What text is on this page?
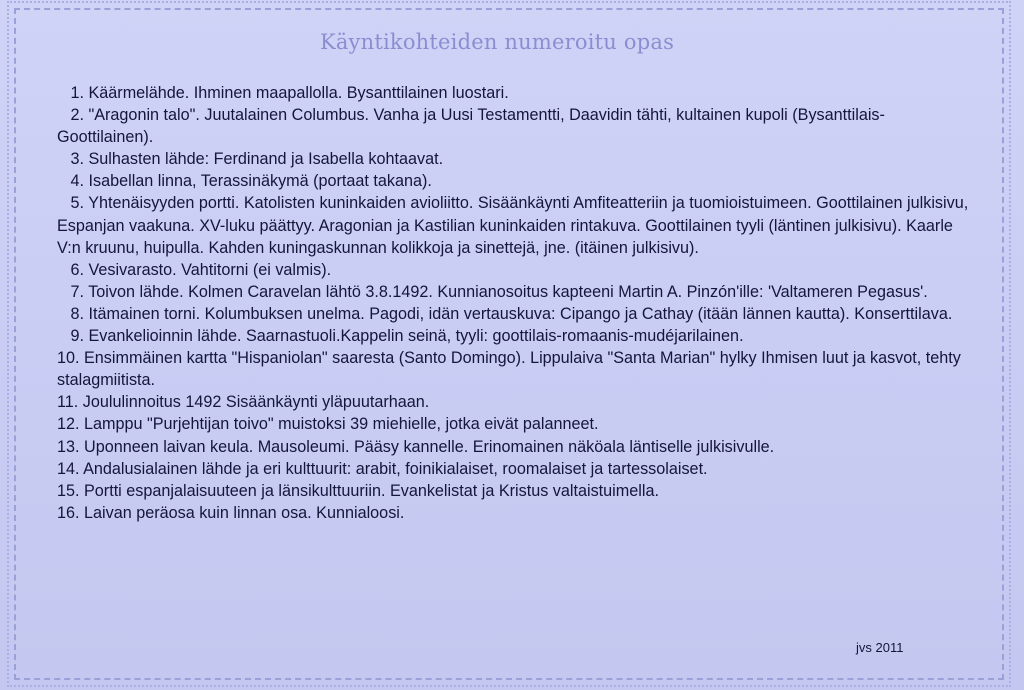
Käyntikohteiden numeroitu opas
1. Käärmelähde. Ihminen maapallolla. Bysanttilainen luostari.
2. "Aragonin talo". Juutalainen Columbus. Vanha ja Uusi Testamentti, Daavidin tähti, kultainen kupoli (Bysanttilais-Goottilainen).
3. Sulhasten lähde: Ferdinand ja Isabella kohtaavat.
4. Isabellan linna, Terassinäkymä (portaat takana).
5. Yhtenäisyyden portti. Katolisten kuninkaiden avioliitto. Sisäänkäynti Amfiteatteriin ja tuomioistuimeen. Goottilainen julkisivu,  Espanjan vaakuna. XV-luku päättyy. Aragonian ja Kastilian kuninkaiden rintakuva. Goottilainen tyyli (läntinen julkisivu). Kaarle V:n kruunu, huipulla. Kahden kuningaskunnan kolikkoja ja sinettejä, jne. (itäinen julkisivu).
6. Vesivarasto. Vahtitorni (ei valmis).
7. Toivon lähde. Kolmen Caravelan lähtö 3.8.1492. Kunnianosoitus kapteeni Martin A. Pinzón'ille: 'Valtameren Pegasus'.
8. Itämainen torni. Kolumbuksen unelma. Pagodi, idän vertauskuva: Cipango ja Cathay (itään lännen kautta). Konserttilava.
9. Evankelioinnin lähde. Saarnastuoli.Kappelin seinä, tyyli: goottilais-romaanis-mudéjarilainen.
10. Ensimmäinen kartta "Hispaniolan" saaresta (Santo Domingo). Lippulaiva "Santa Marian" hylky Ihmisen luut ja kasvot, tehty stalagmiitista.
11. Joululinnoitus 1492 Sisäänkäynti yläpuutarhaan.
12. Lamppu "Purjehtijan toivo" muistoksi 39 miehielle, jotka eivät palanneet.
13. Uponneen laivan keula. Mausoleumi. Pääsy kannelle. Erinomainen näköala läntiselle julkisivulle.
14. Andalusialainen lähde ja eri kulttuurit: arabit, foinikialaiset, roomalaiset ja tartessolaiset.
15. Portti espanjalaisuuteen ja länsikulttuuriin. Evankelistat ja Kristus valtaistuimella.
16. Laivan peräosa kuin linnan osa. Kunnialoosi.
jvs 2011
